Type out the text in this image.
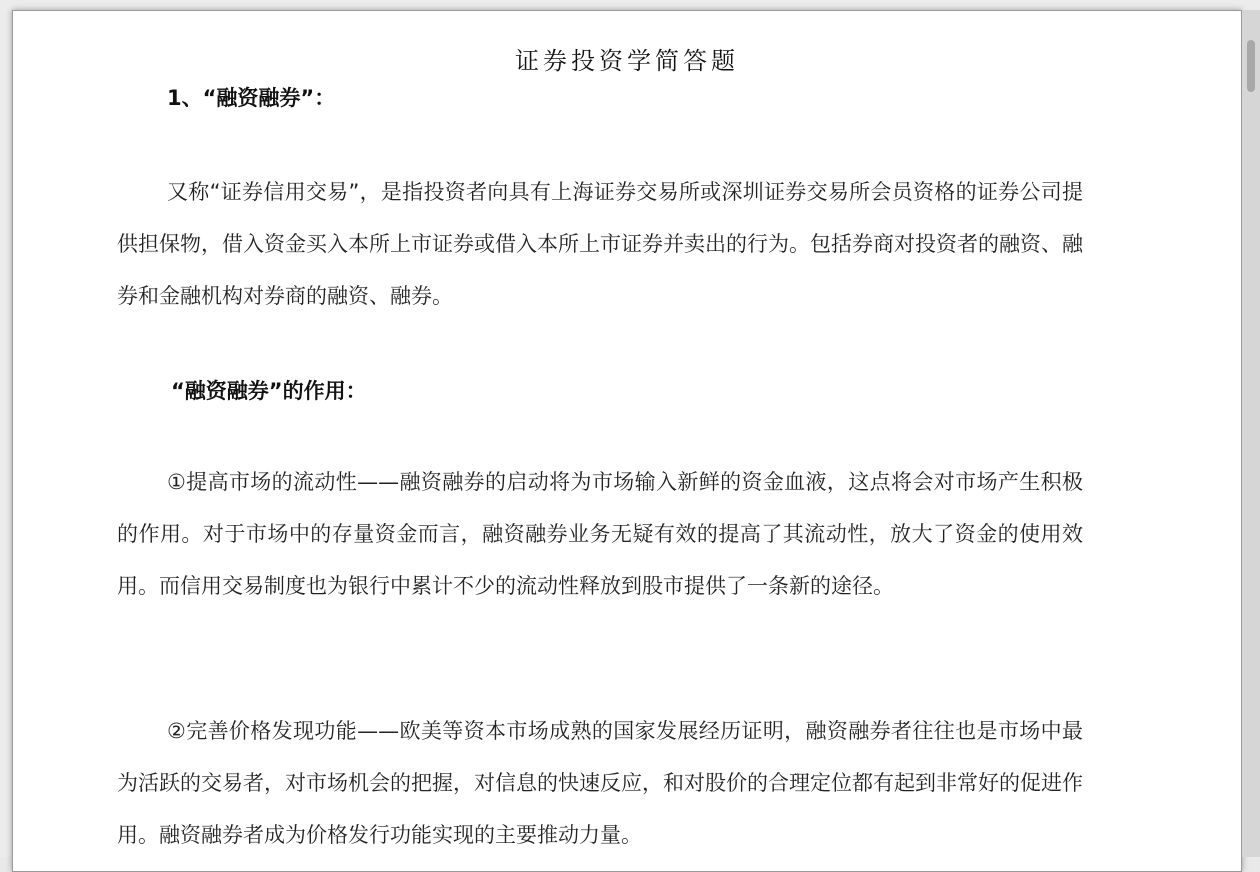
证券投资学简答题
1、“融资融券”：
又称“证券信用交易”，是指投资者向具有上海证券交易所或深圳证券交易所会员资格的证券公司提供担保物，借入资金买入本所上市证券或借入本所上市证券并卖出的行为。包括券商对投资者的融资、融券和金融机构对券商的融资、融券。
“融资融券”的作用：
①提高市场的流动性——融资融券的启动将为市场输入新鲜的资金血液，这点将会对市场产生积极的作用。对于市场中的存量资金而言，融资融券业务无疑有效的提高了其流动性，放大了资金的使用效用。而信用交易制度也为银行中累计不少的流动性释放到股市提供了一条新的途径。
②完善价格发现功能——欧美等资本市场成熟的国家发展经历证明，融资融券者往往也是市场中最为活跃的交易者，对市场机会的把握，对信息的快速反应，和对股价的合理定位都有起到非常好的促进作用。融资融券者成为价格发行功能实现的主要推动力量。
